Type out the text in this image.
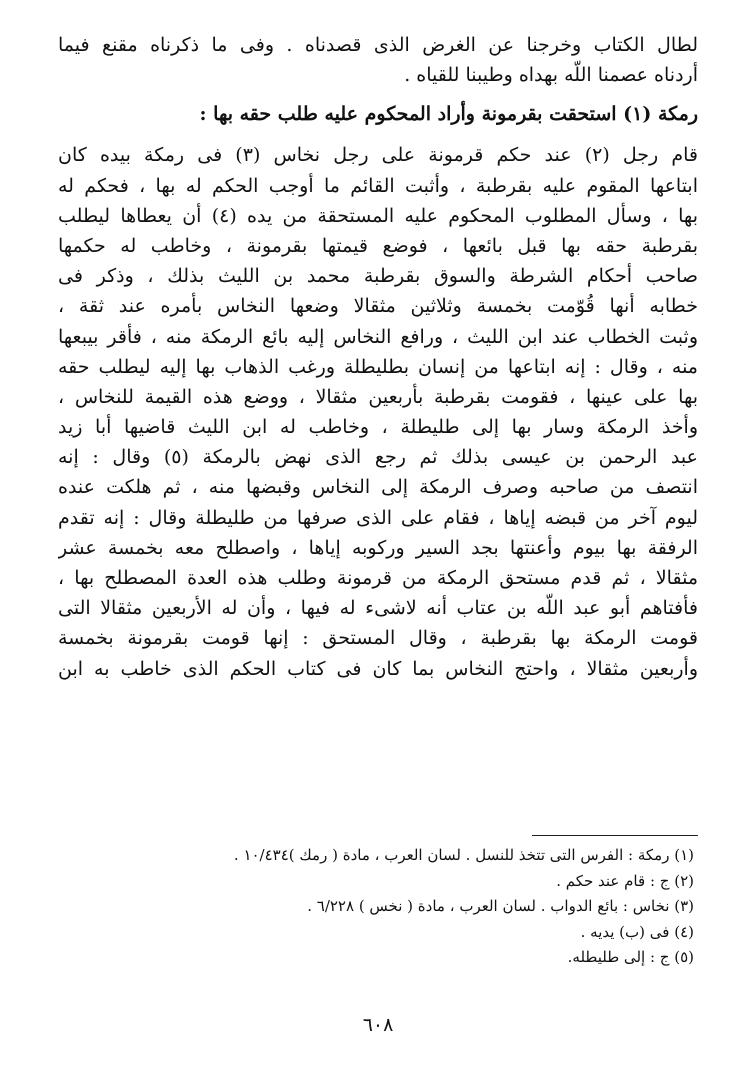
لطال الكتاب وخرجنا عن الغرض الذى قصدناه . وفى ما ذكرناه مقنع فيما
أردناه عصمنا اللّه بهداه وطيبنا للقياه .
رمكة (١) استحقت بقرمونة وأراد المحكوم عليه طلب حقه بها :
قام رجل (٢) عند حكم قرمونة على رجل نخاس (٣) فى رمكة بيده كان
ابتاعها المقوم عليه بقرطبة ، وأثبت القائم ما أوجب الحكم له بها ، فحكم له
بها ، وسأل المطلوب المحكوم عليه المستحقة من يده (٤) أن يعطاها ليطلب
بقرطبة حقه بها قبل بائعها ، فوضع قيمتها بقرمونة ، وخاطب له حكمها
صاحب أحكام الشرطة والسوق بقرطبة محمد بن الليث بذلك ، وذكر فى
خطابه أنها قُوّمت بخمسة وثلاثين مثقالا وضعها النخاس بأمره عند ثقة ،
وثبت الخطاب عند ابن الليث ، ورافع النخاس إليه بائع الرمكة منه ، فأقر بيبعها
منه ، وقال : إنه ابتاعها من إنسان بطليطلة ورغب الذهاب بها إليه ليطلب حقه
بها على عينها ، فقومت بقرطبة بأربعين مثقالا ، ووضع هذه القيمة للنخاس ،
وأخذ الرمكة وسار بها إلى طليطلة ، وخاطب له ابن الليث قاضيها أبا زيد
عبد الرحمن بن عيسى بذلك ثم رجع الذى نهض بالرمكة (٥) وقال : إنه
انتصف من صاحبه وصرف الرمكة إلى النخاس وقبضها منه ، ثم هلكت عنده
ليوم آخر من قبضه إياها ، فقام على الذى صرفها من طليطلة وقال : إنه تقدم
الرفقة بها بيوم وأعنتها بجد السير وركوبه إياها ، واصطلح معه بخمسة عشر
مثقالا ، ثم قدم مستحق الرمكة من قرمونة وطلب هذه العدة المصطلح بها ،
فأفتاهم أبو عبد اللّه بن عتاب أنه لاشىء له فيها ، وأن له الأربعين مثقالا التى
قومت الرمكة بها بقرطبة ، وقال المستحق : إنها قومت بقرمونة بخمسة
وأربعين مثقالا ، واحتج النخاس بما كان فى كتاب الحكم الذى خاطب به ابن
(١) رمكة : الفرس التى تتخذ للنسل . لسان العرب ، مادة ( رمك )١٠/٤٣٤ .
(٢) ج : قام عند حكم .
(٣) نخاس : بائع الدواب . لسان العرب ، مادة ( نخس ) ٦/٢٢٨ .
(٤) فى (ب) يديه .
(٥) ج : إلى طليطله.
٦٠٨
